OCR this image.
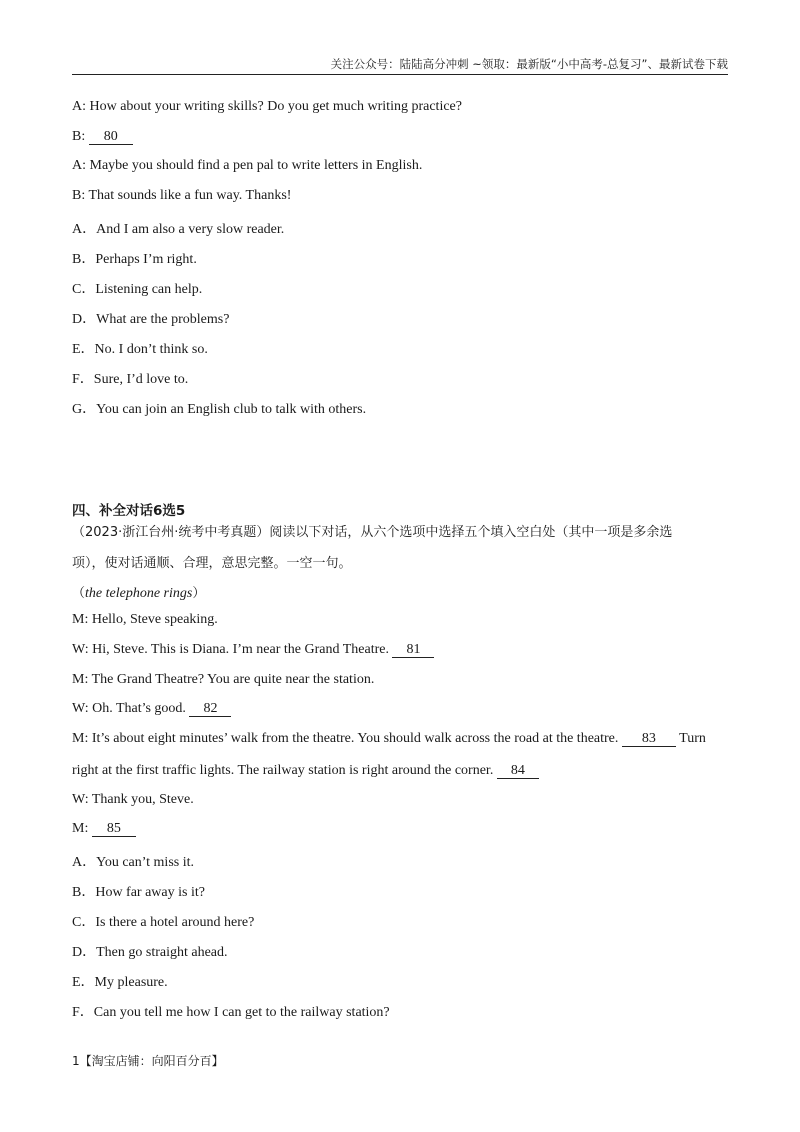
关注公众号：陆陆高分冲刺 ~领取：最新版“小中高考-总复习”、最新试卷下载
A: How about your writing skills? Do you get much writing practice?
B: 80
A: Maybe you should find a pen pal to write letters in English.
B: That sounds like a fun way. Thanks!
A．And I am also a very slow reader.
B．Perhaps I’m right.
C．Listening can help.
D．What are the problems?
E．No. I don’t think so.
F．Sure, I’d love to.
G．You can join an English club to talk with others.
四、补全对话6选5
（2023·浙江台州·统考中考真题）阅读以下对话，从六个选项中选择五个填入空白处（其中一项是多余选
项），使对话通顺、合理，意思完整。一空一句。
（the telephone rings）
M: Hello, Steve speaking.
W: Hi, Steve. This is Diana. I’m near the Grand Theatre. 81
M: The Grand Theatre? You are quite near the station.
W: Oh. That’s good. 82
M: It’s about eight minutes’ walk from the theatre. You should walk across the road at the theatre. 83 Turn
right at the first traffic lights. The railway station is right around the corner. 84
W: Thank you, Steve.
M: 85
A．You can’t miss it.
B．How far away is it?
C．Is there a hotel around here?
D．Then go straight ahead.
E．My pleasure.
F．Can you tell me how I can get to the railway station?
1【淘宝店铺：向阳百分百】
